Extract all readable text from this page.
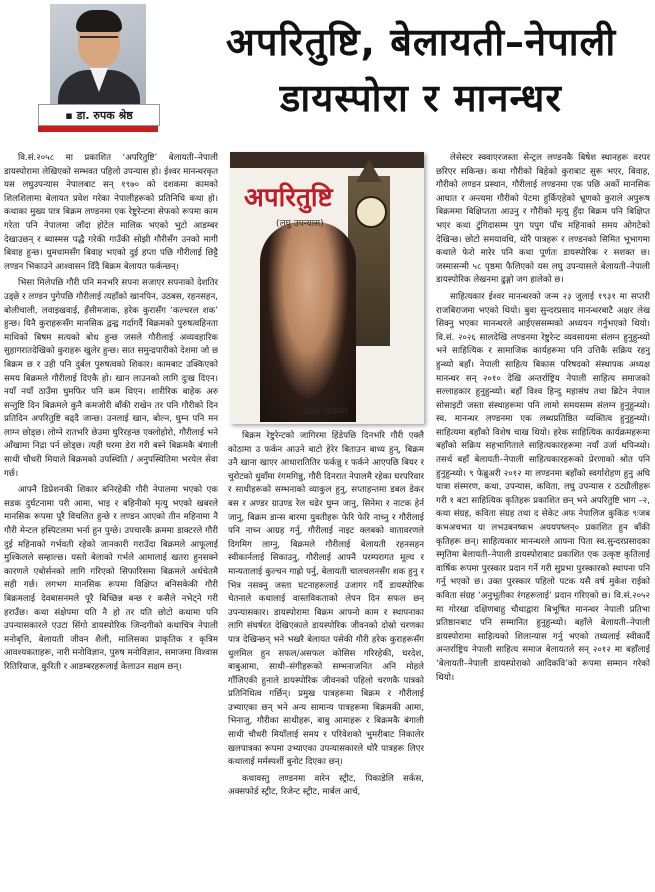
▪ डा. रुपक श्रेष्ठ
अपरितुष्टि, बेलायती–नेपाली
डायस्पोरा र मानन्धर

वि.सं.२०५८ मा प्रकाशित ‘अपरितुष्टि’ बेलायती–नेपाली डायस्पोरामा लेखिएको सम्भवत पहिलो उपन्यास हो। ईश्वर मानन्धरकृत यस लघुउपन्यास नेपालबाट सन् १९७० को दशकमा कामको शिलशिलामा बेलायत प्रवेश गरेका नेपालीहरूको प्रतिनिधि कथा हो। कथाका मुख्य पात्र बिक्रम लण्डनमा एक रेष्टुरेन्टमा सेफको रूपमा काम गरेता पनि नेपालमा जाँदा होटेल मालिक भएको भुटो आडम्बर देखाउछन् र ब्यास्मस पद्धै गरेकी गाउँकी सोझी गौरीसँग उनको मागी बिवाह हुन्छ। धुमधामसँग बिवाह भएको दुई हप्ता पछि गौरीलाई छिट्टै लण्डन भिकाउने आश्वासन दिँदै बिक्रम बेलायत फर्कन्छन्।

भिसा मिलेपछि गौरी पनि मनभरि सपना सजाएर सपनाको देशतिर उड्छे र लण्डन पुगेपछि गौरीलाई त्यहाँको खानपिन, उठबस, रहनसहन, बोलीचाली, लवाइखवाई, हँसीमजाक, हरेक कुरासँग ‘कल्चरल शक’ हुन्छ। यिनै कुराहरूसँग मानसिक द्वन्द्व गर्दागर्दै बिक्रमको पुरुषत्वहिनता माथिको बिषम सत्यको बोध हुन्छ जसले गौरीलाई अव्यवहारिक सुहागरातदेखिको कुराहरू खुलेर हुन्छ। सात समुन्द्रपारीको देशमा जो छ बिक्रम छ र उही पनि दुर्बल पुरुषत्वको शिकार। कामबाट उक्किएको समय बिक्रमले गौरीलाई दिएकै हो। खान लाउनको लागि दुःख दिएन। नयाँ नयाँ ठाउँमा घुमफिर पनि कम थिएन। शारीरिक बाहेक अरु सन्तुष्टि दिन बिक्रमले कुनै कमजोरी बाँकी राखेन तर पनि गौरीको दिन प्रतिदिन अपरितुष्टि बढ्दै जान्छ। उनलाई खान, बोल्न, घुम्न पनि मन लाग्न छोड्छ। लोग्ने रातभरि छेउमा घुरिरहन्छ एक्लोहोरो, गौरीलाई भने आँखामा निद्रा पर्न छोड्छ। त्यही घरमा डेरा गरी बस्ने बिक्रमकै बंगाली साथी चौधरी मियाले बिक्रमको उपस्थिति / अनुपस्थितिमा भरयेल सेवा गर्छ।

आफ्नै डिप्रेशनकी शिकार बनिरहेकी गौरी नेपालमा भएको एक सडक दुर्घटनामा परी आमा, भाइ र बहिनीको मृत्यु भएको खबरले मानसिक रूपमा पूरै विचलित हुन्छे र लण्डन आएको तीन महिनामा नै गौरी मेन्टल हस्पिटलमा भर्ना हुन पुग्छे। उपचारकै क्रममा डाक्टरले गौरी दुई महिनाको गर्भवती रहेको जानकारी गराउँदा बिक्रमले आफूलाई मुश्किलले सम्हाल्छ। यस्तो बेलाको गर्भले आमालाई खतरा हुनसक्ने कारणले एबोर्सनको लागि गरिएको सिफारिसमा बिक्रमले अर्धचेतमै सही गर्छ। लगभग मानसिक रूपमा विक्षिप्त बनिसकेकी गौरी बिक्रमलाई देवबासनमले पूरै बिच्छिन्न बन्छ र कसैले नभेट्ने गरी हराउँछ। कथा संक्षेपमा यति नै हो तर यति छोटो कथामा पनि उपन्यासकारले एउटा सिंगो डायस्पोरिक जिन्दगीको कथाचित्र नेपाली मनोबृत्ति, बेलायती जीवन शैली, मालिसका प्राकृतिक र कृत्रिम आवश्यकताहरू, नारी मनोविज्ञान, पुरुष मनोविज्ञान, समाजमा विश्वास रितिरिवाज, कुरिती र आडम्बरहरूलाई केलाउन सक्षम छन्।

अपरितुष्टि
(लघु उपन्यास)
ईश्वर मानन्धर

बिक्रम रेष्टुरेन्टको जागिरमा हिंडेपछि दिनभरि गौरी एक्लै कोठामा उ फर्कन आउने बाटो हेरेर बिताउन बाध्य हुन्, बिक्रम उनै खाना खाएर आधारातितिर फर्कन्नु र फर्कने आएपछि बियर र चुरोटको धुवाँमा रंगमगिन्नु, गौरी दिनरात नेपालमै रहेका घरपरिवार र साथीहरूको सम्भनाको व्याकुल हुनु, सप्ताहन्तमा डबल डेकर बस र अण्डर ग्राउण्ड रेल चढेर घुम्न जानु, सिनेमा र नाटक हेर्न जानु, बिक्रम डान्स बारमा युवतीहरू फेरि फेरि नाच्नु र गौरीलाई पनि नाच्न आग्रह गर्नु, गौरीलाई नाइट क्लबको वातावरणले दिगमिग लाग्नु, बिक्रमले गौरीलाई बेलायती रहनसहन स्वीकार्नलाई सिकाउनु, गौरीलाई आफ्नै परम्परागत मूल्य र मान्यतालाई कुल्चन गाह्रो पर्नु, बेलायती चालचलनसँग शक हुनु र भित्र नसक्नु जस्ता घटनाहरूलाई उजागर गर्दै डायस्पोरिक चेतनाले कथालाई वास्तविकताको लेपन दिन सफल छन् उपन्यासकार। डायस्पोरामा बिक्रम आफ्नो काम र स्थापनाका लागि संघर्षरत देखिएकाले डायस्पोरिक जीवनको दोस्रो चरणका पात्र देखिन्छन् भने भखरै बेलायत पसेकी गौरी हरेक कुराहरूसँग धुलमिल हुन सफल/असफल कोसिस गरिरहेकी, घरदेश, बाबुआमा, साथी–संगीहरूको सम्भनाजनित अनि मोहले गाँजिएकी हुनाले डायस्पोरिक जीवनको पहिलो चरणकै पात्रको प्रतिनिधित्व गर्छिन्। प्रमुख पात्रहरूमा बिक्रम र गौरीलाई उभ्याएका छन् भने अन्य सामान्य पात्रहरूमा बिक्रमकी आमा, भिनाजु, गौरीका साथीहरू, बाबु आमाहरू र बिक्रमकै बंगाली साथी चौधरी मियाँलाई समय र परिवेशको भुमरीबाट निकालेर खलपात्रका रूपमा उभ्याएका उपन्यासकारले थोरै पात्रहरू लिएर कथालाई मर्मस्पर्शी बुनोट दिएका छन्।

कथावस्तु लण्डनमा वारेन स्ट्रीट, पिकाडेलि सर्कस, अक्सफोर्ड स्ट्रीट, रिजेन्ट स्ट्रीट, मार्बल आर्च,

लेसेस्टर स्क्वाएरजस्ता सेन्ट्रल लण्डनकै बिषेश स्थानहरू वरपर छरिएर सकिन्छ। कथा गौरीको बिहेको कुराबाट सुरू भएर, बिवाह, गौरीको लण्डन प्रस्थान, गौरीलाई लण्डनमा एक पछि अर्को मानसिक आघात र अन्त्यमा गौरीको पेटमा हुर्किएहेको भ्रूणको कुराले अपुरूष बिक्रममा बिक्षिप्तता आउनु र गौरीको मृत्यु हुँदा बिक्रम पनि बिक्षिप्त भएर कथा टुंगिदासम्म पुग पपुग पाँच महिनाको समय ओगटेको देखिन्छ। छोटो समयावधि, थोरै पात्रहरू र लण्डनको सिमित भूभागमा कथाले फेरो मारेर पनि कथा पूर्णतः डायस्पोरिक र सशक्त छ। जस्मासन्मी ५८ पृष्ठमा फैलिएको यस लघु उपन्यासले बेलायती–नेपाली डायस्पोरिक लेखनमा ढुङ्गो जग हालेको छ।

साहित्यकार ईश्वर मानन्धरको जन्म २३ जुलाई १९३१ मा सप्तरी राजबिराजमा भएको थियो। बुवा सुन्दरप्रसाद मानन्धरबाटै अक्षर लेख सिक्नु भएका मानन्धरले आईएससम्मको अध्ययन गर्नुभएको थियो। वि.सं. २०२६ सालदेखि लण्डनमा रेष्टुरेन्ट व्यवसायमा संलग्न हुनुहुन्थ्यो भने साहित्यिक र सामाजिक कार्यहरूमा पनि उत्तिकै सक्रिय रहनु हुन्थ्यो बहाँ। नेपाली साहित्य बिकास परिषदको संस्थापक अध्यक्ष मानन्धर सन् २०१० देखि अन्तर्राष्ट्रिय नेपाली साहित्य समाजको सल्लाहकार हुनुहुन्थ्यो। बहाँ विश्व हिन्दु महासंघ तथा ब्रिटेन नेपाल सोसाइटी जस्ता संस्थाहरूमा पनि लामो समयसम्म संलग्न हुनुहुन्थ्यो। स्व. मानन्धर लण्डनमा एक लब्धप्रतिष्ठित व्यक्तित्व हुनुहुन्थ्यो। साहित्यमा बहाँको विशेष चाख थियो। हरेक साहित्यिक कार्यक्रमहरूमा बहाँको सक्रिय सहभागिताले साहित्यकारहरूमा नयाँ उर्जा थपिन्थ्यो। तसर्थ बहाँ बेलायती–नेपाली साहित्यकारहरूको प्रेरणाको श्रोत पनि हुनुहुन्थ्यो। ९ फेब्रुअरी २०१२ मा लण्डनमा बहाँको स्वर्गारोहण हुनु अघि यात्रा संस्मरण, कथा, उपन्यास, कविता, लघु उपन्यास र ठट्यौलीहरू गरी १ बटा साहित्यिक कृतिहरू प्रकाशित छन् भने अपरितुष्टि भाग –२, कथा संग्रह, कविता संग्रह तथा द सेकेट अफ नेपालिज कुकिङ ९ःजब कभअचभत या लभउबनष्कभ अययपष्लन्० प्रकाशित हुन बाँकी कृतिहरू छन्। साहित्यकार मानन्धरले आफ्ना पिता स्व.सुन्दरप्रसादका स्मृतिमा बेलायती–नेपाली डायस्पोराबाट प्रकाशित एक उत्कृष्ट कृतिलाई वार्षिक रूपमा पुरस्कार प्रदान गर्ने गरी सुप्रभा पुरस्कारको स्थापना पनि गर्नु भएको छ। उक्त पुरस्कार पहिलो पटक यसै वर्ष मुकेश राईको कविता संग्रह ‘अनुभूतीका रंगहरूलाई’ प्रदान गरिएको छ। वि.सं.२०५२ मा गोरखा दक्षिणबाहु चौथाद्वारा बिभूषित मानन्धर नेपाली प्रतिभा प्रतिष्ठानबाट पनि सम्मानित हुनुहुन्थ्यो। बहाँले बेलायती–नेपाली डायस्पोरामा साहित्यको शिलान्यास गर्नु भएको तथ्यलाई स्वीकार्दै अन्तर्राष्ट्रिय नेपाली साहित्य समाज बेलायतले सन् २०१२ मा बहाँलाई ‘बेलायती–नेपाली डायस्पोराको आदिकवि’को रूपमा सम्मान गरेको थियो।
